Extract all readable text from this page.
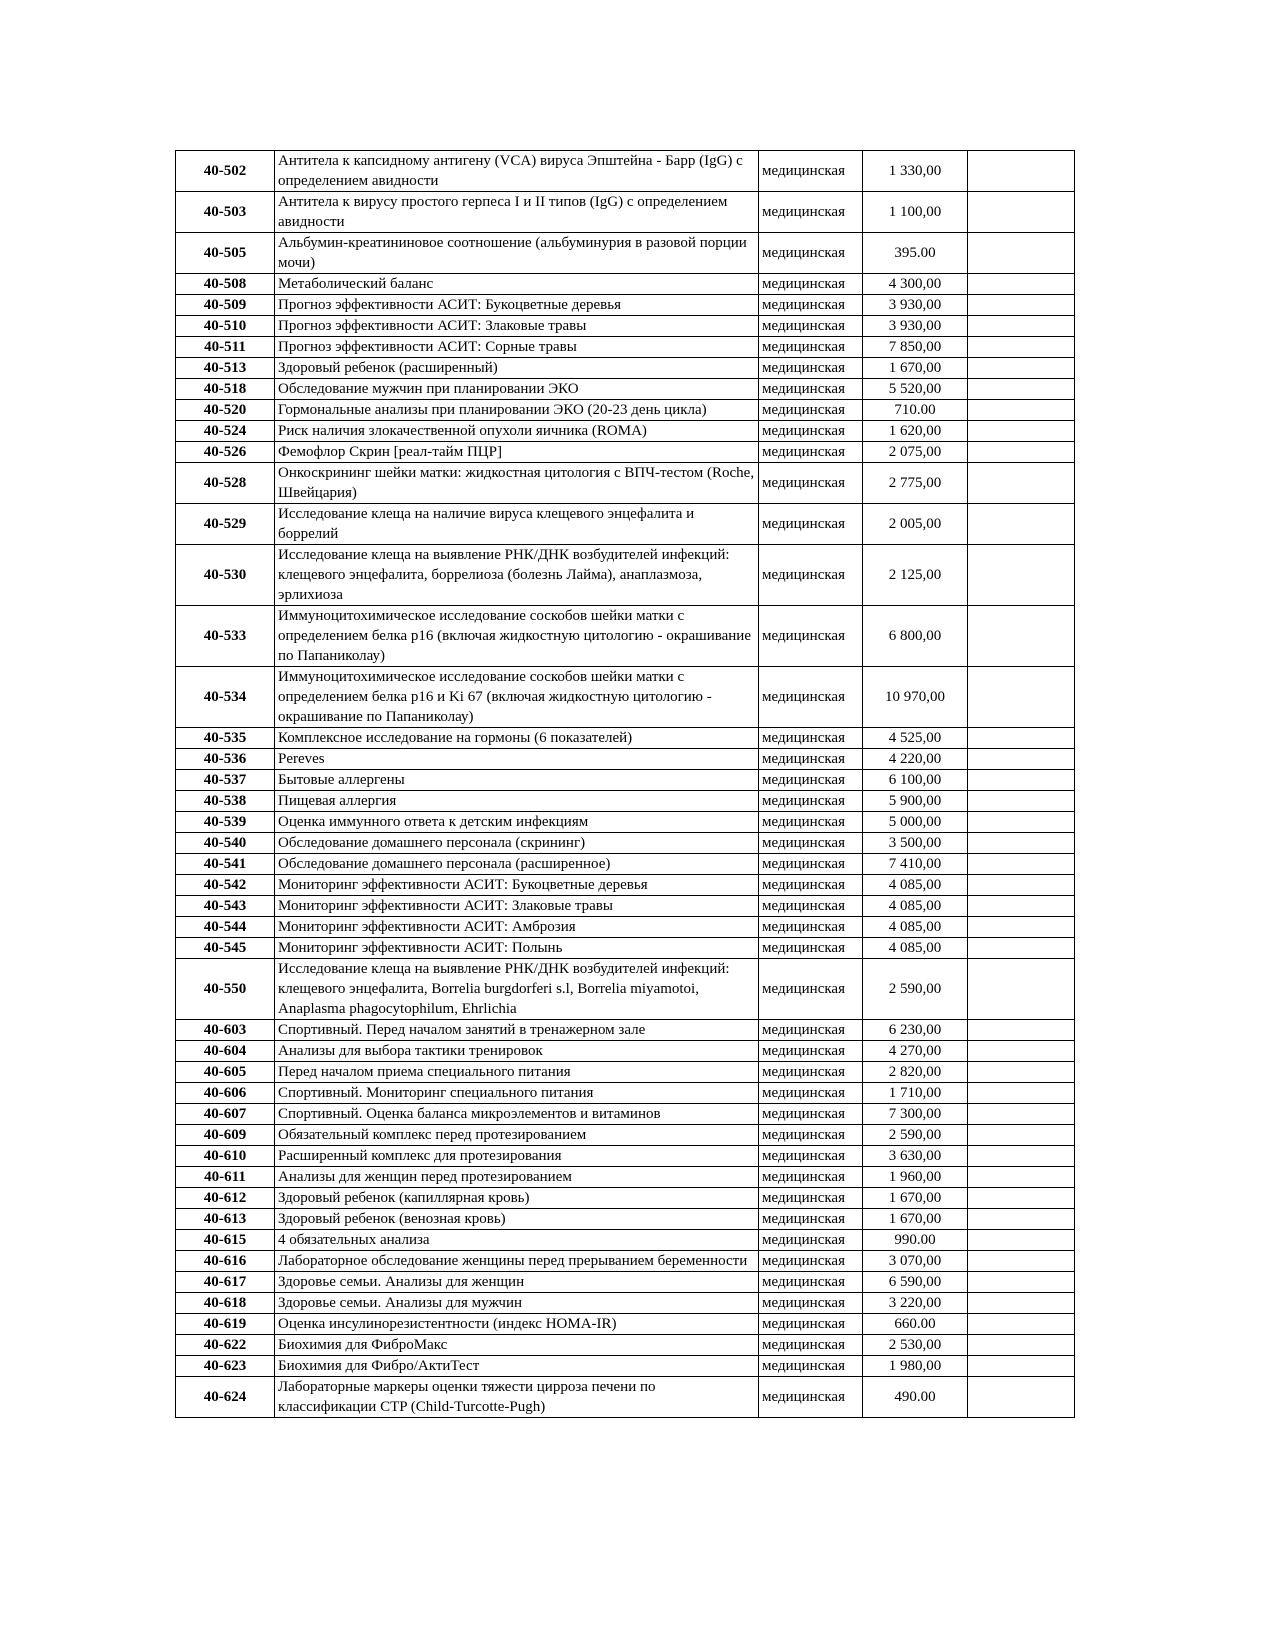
40-502	Антитела к капсидному антигену (VCA) вируса Эпштейна - Барр (IgG) с определением авидности	медицинская	1 330,00	
40-503	Антитела к вирусу простого герпеса I и II типов (IgG) с определением авидности	медицинская	1 100,00	
40-505	Альбумин-креатининовое соотношение (альбуминурия в разовой порции мочи)	медицинская	395.00	
40-508	Метаболический баланс	медицинская	4 300,00	
40-509	Прогноз эффективности АСИТ: Букоцветные деревья	медицинская	3 930,00	
40-510	Прогноз эффективности АСИТ: Злаковые травы	медицинская	3 930,00	
40-511	Прогноз эффективности АСИТ: Сорные травы	медицинская	7 850,00	
40-513	Здоровый ребенок (расширенный)	медицинская	1 670,00	
40-518	Обследование мужчин при планировании ЭКО	медицинская	5 520,00	
40-520	Гормональные анализы при планировании ЭКО (20-23 день цикла)	медицинская	710.00	
40-524	Риск наличия злокачественной опухоли яичника (ROMA)	медицинская	1 620,00	
40-526	Фемофлор Скрин [реал-тайм ПЦР]	медицинская	2 075,00	
40-528	Онкоскрининг шейки матки: жидкостная цитология с ВПЧ-тестом (Roche, Швейцария)	медицинская	2 775,00	
40-529	Исследование клеща на наличие вируса клещевого энцефалита и боррелий	медицинская	2 005,00	
40-530	Исследование клеща на выявление РНК/ДНК возбудителей инфекций: клещевого энцефалита, боррелиоза (болезнь Лайма), анаплазмоза, эрлихиоза	медицинская	2 125,00	
40-533	Иммуноцитохимическое исследование соскобов шейки матки с определением белка p16 (включая жидкостную цитологию - окрашивание по Папаниколау)	медицинская	6 800,00	
40-534	Иммуноцитохимическое исследование соскобов шейки матки с определением белка p16 и Ki 67 (включая жидкостную цитологию - окрашивание по Папаниколау)	медицинская	10 970,00	
40-535	Комплексное исследование на гормоны (6 показателей)	медицинская	4 525,00	
40-536	Pereves	медицинская	4 220,00	
40-537	Бытовые аллергены	медицинская	6 100,00	
40-538	Пищевая аллергия	медицинская	5 900,00	
40-539	Оценка иммунного ответа к детским инфекциям	медицинская	5 000,00	
40-540	Обследование домашнего персонала (скрининг)	медицинская	3 500,00	
40-541	Обследование домашнего персонала (расширенное)	медицинская	7 410,00	
40-542	Мониторинг эффективности АСИТ: Букоцветные деревья	медицинская	4 085,00	
40-543	Мониторинг эффективности АСИТ: Злаковые травы	медицинская	4 085,00	
40-544	Мониторинг эффективности АСИТ: Амброзия	медицинская	4 085,00	
40-545	Мониторинг эффективности АСИТ: Полынь	медицинская	4 085,00	
40-550	Исследование клеща на выявление РНК/ДНК возбудителей инфекций: клещевого энцефалита, Borrelia burgdorferi s.l, Borrelia miyamotoi, Anaplasma phagocytophilum, Ehrlichia	медицинская	2 590,00	
40-603	Спортивный. Перед началом занятий в тренажерном зале	медицинская	6 230,00	
40-604	Анализы для выбора тактики тренировок	медицинская	4 270,00	
40-605	Перед началом приема специального питания	медицинская	2 820,00	
40-606	Спортивный. Мониторинг специального питания	медицинская	1 710,00	
40-607	Спортивный. Оценка баланса микроэлементов и витаминов	медицинская	7 300,00	
40-609	Обязательный комплекс перед протезированием	медицинская	2 590,00	
40-610	Расширенный комплекс для протезирования	медицинская	3 630,00	
40-611	Анализы для женщин перед протезированием	медицинская	1 960,00	
40-612	Здоровый ребенок (капиллярная кровь)	медицинская	1 670,00	
40-613	Здоровый ребенок (венозная кровь)	медицинская	1 670,00	
40-615	4 обязательных анализа	медицинская	990.00	
40-616	Лабораторное обследование женщины перед прерыванием беременности	медицинская	3 070,00	
40-617	Здоровье семьи. Анализы для женщин	медицинская	6 590,00	
40-618	Здоровье семьи. Анализы для мужчин	медицинская	3 220,00	
40-619	Оценка инсулинорезистентности (индекс HOMA-IR)	медицинская	660.00	
40-622	Биохимия для ФиброМакс	медицинская	2 530,00	
40-623	Биохимия для Фибро/АктиТест	медицинская	1 980,00	
40-624	Лабораторные маркеры оценки тяжести цирроза печени по классификации CTP (Child-Turcotte-Pugh)	медицинская	490.00	
